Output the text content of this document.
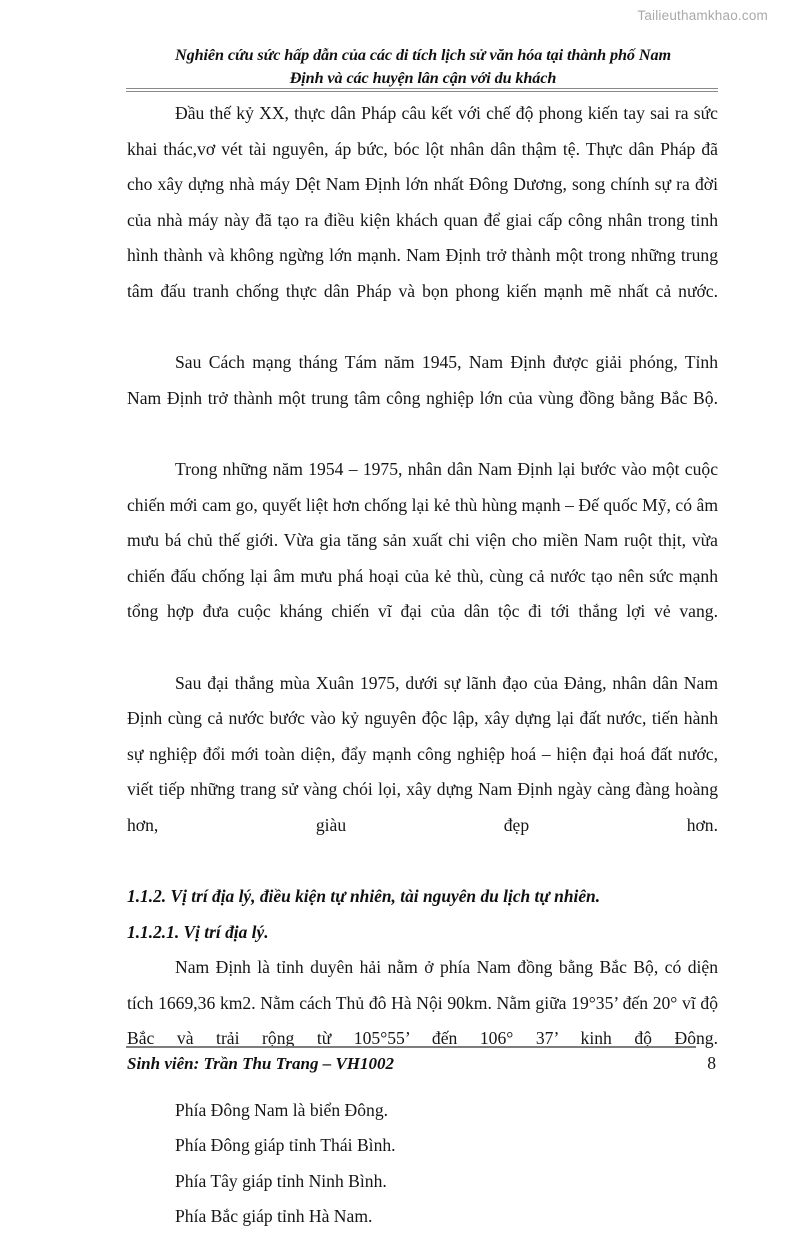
Tailieuthamkhao.com
Nghiên cứu sức hấp dẫn của các di tích lịch sử văn hóa tại thành phố Nam
Định và các huyện lân cận với du khách

Đầu thế kỷ XX, thực dân Pháp câu kết với chế độ phong kiến tay sai ra sức khai thác,vơ vét tài nguyên, áp bức, bóc lột nhân dân thậm tệ. Thực dân Pháp đã cho xây dựng nhà máy Dệt Nam Định lớn nhất Đông Dương, song chính sự ra đời của nhà máy này đã tạo ra điều kiện khách quan để giai cấp công nhân trong tinh hình thành và không ngừng lớn mạnh. Nam Định trở thành một trong những trung tâm đấu tranh chống thực dân Pháp và bọn phong kiến mạnh mẽ nhất cả nước.

Sau Cách mạng tháng Tám năm 1945, Nam Định được giải phóng, Tỉnh Nam Định trở thành một trung tâm công nghiệp lớn của vùng đồng bằng Bắc Bộ.

Trong những năm 1954 – 1975, nhân dân Nam Định lại bước vào một cuộc chiến mới cam go, quyết liệt hơn chống lại kẻ thù hùng mạnh – Đế quốc Mỹ, có âm mưu bá chủ thế giới. Vừa gia tăng sản xuất chi viện cho miền Nam ruột thịt, vừa chiến đấu chống lại âm mưu phá hoại của kẻ thù, cùng cả nước tạo nên sức mạnh tổng hợp đưa cuộc kháng chiến vĩ đại của dân tộc đi tới thắng lợi vẻ vang.

Sau đại thắng mùa Xuân 1975, dưới sự lãnh đạo của Đảng, nhân dân Nam Định cùng cả nước bước vào kỷ nguyên độc lập, xây dựng lại đất nước, tiến hành sự nghiệp đổi mới toàn diện, đẩy mạnh công nghiệp hoá – hiện đại hoá đất nước, viết tiếp những trang sử vàng chói lọi, xây dựng Nam Định ngày càng đàng hoàng hơn, giàu đẹp hơn.

1.1.2. Vị trí địa lý, điều kiện tự nhiên, tài nguyên du lịch tự nhiên.
1.1.2.1. Vị trí địa lý.

Nam Định là tỉnh duyên hải nằm ở phía Nam đồng bằng Bắc Bộ, có diện tích 1669,36 km2. Nằm cách Thủ đô Hà Nội 90km. Nằm giữa 19°35’ đến 20° vĩ độ Bắc và trải rộng từ 105°55’ đến 106° 37’ kinh độ Đông.

Phía Đông Nam là biển Đông.

Phía Đông giáp tỉnh Thái Bình.

Phía Tây giáp tỉnh Ninh Bình.

Phía Bắc giáp tỉnh Hà Nam.

Sinh viên: Trần Thu Trang – VH1002	8
